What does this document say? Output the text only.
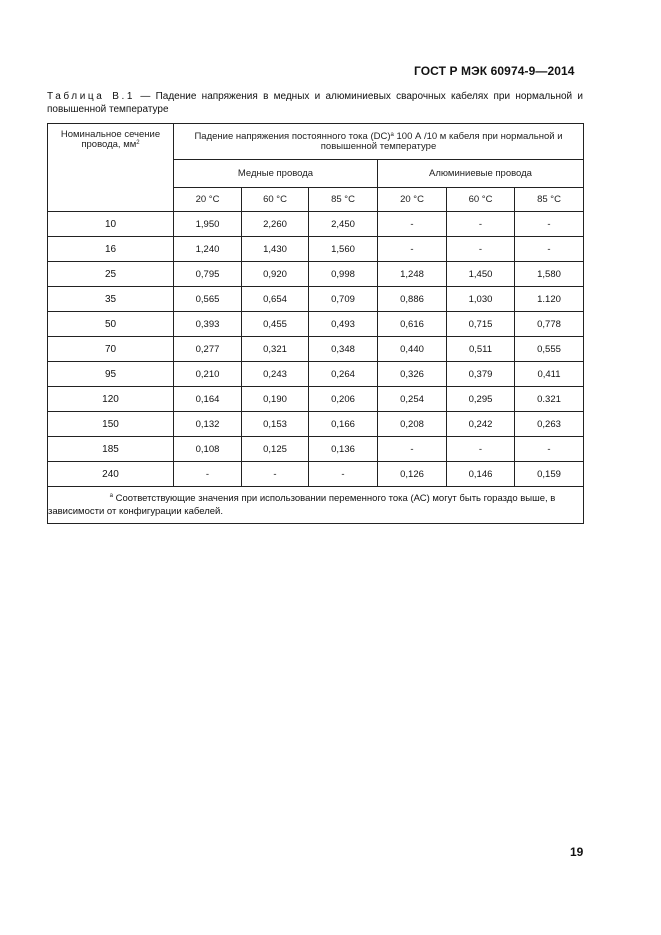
ГОСТ Р МЭК 60974-9—2014
Таблица В.1 — Падение напряжения в медных и алюминиевых сварочных кабелях при нормальной и повышенной температуре
Номинальное сечение провода, $мм^2$	Падение напряжения постоянного тока (DC)$^a$ 100 А /10 м кабеля при нормальной и повышенной температуре					
	Медные провода			Алюминиевые провода		
	20 °С	60 °С	85 °С	20 °С	60 °С	85 °С
10	1,950	2,260	2,450	-	-	-
16	1,240	1,430	1,560	-	-	-
25	0,795	0,920	0,998	1,248	1,450	1,580
35	0,565	0,654	0,709	0,886	1,030	1.120
50	0,393	0,455	0,493	0,616	0,715	0,778
70	0,277	0,321	0,348	0,440	0,511	0,555
95	0,210	0,243	0,264	0,326	0,379	0,411
120	0,164	0,190	0,206	0,254	0,295	0.321
150	0,132	0,153	0,166	0,208	0,242	0,263
185	0,108	0,125	0,136	-	-	-
240	-	-	-	0,126	0,146	0,159
$^a$ Соответствующие значения при использовании переменного тока (АС) могут быть гораздо выше, в зависимости от конфигурации кабелей.						
19
